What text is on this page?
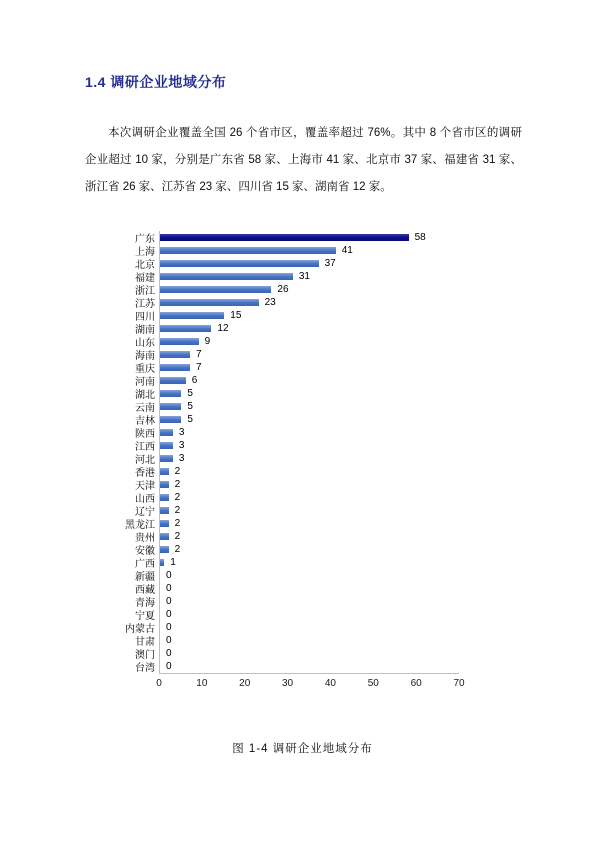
1.4 调研企业地域分布

本次调研企业覆盖全国 26 个省市区，覆盖率超过 76%。其中 8 个省市区的调研企业超过 10 家，分别是广东省 58 家、上海市 41 家、北京市 37 家、福建省 31 家、浙江省 26 家、江苏省 23 家、四川省 15 家、湖南省 12 家。

广东	58
上海	41
北京	37
福建	31
浙江	26
江苏	23
四川	15
湖南	12
山东	9
海南	7
重庆	7
河南	6
湖北	5
云南	5
吉林	5
陕西	3
江西	3
河北	3
香港	2
天津	2
山西	2
辽宁	2
黑龙江	2
贵州	2
安徽	2
广西	1
新疆	0
西藏	0
青海	0
宁夏	0
内蒙古	0
甘肃	0
澳门	0
台湾	0
0	10	20	30	40	50	60	70
图 1-4 调研企业地域分布
